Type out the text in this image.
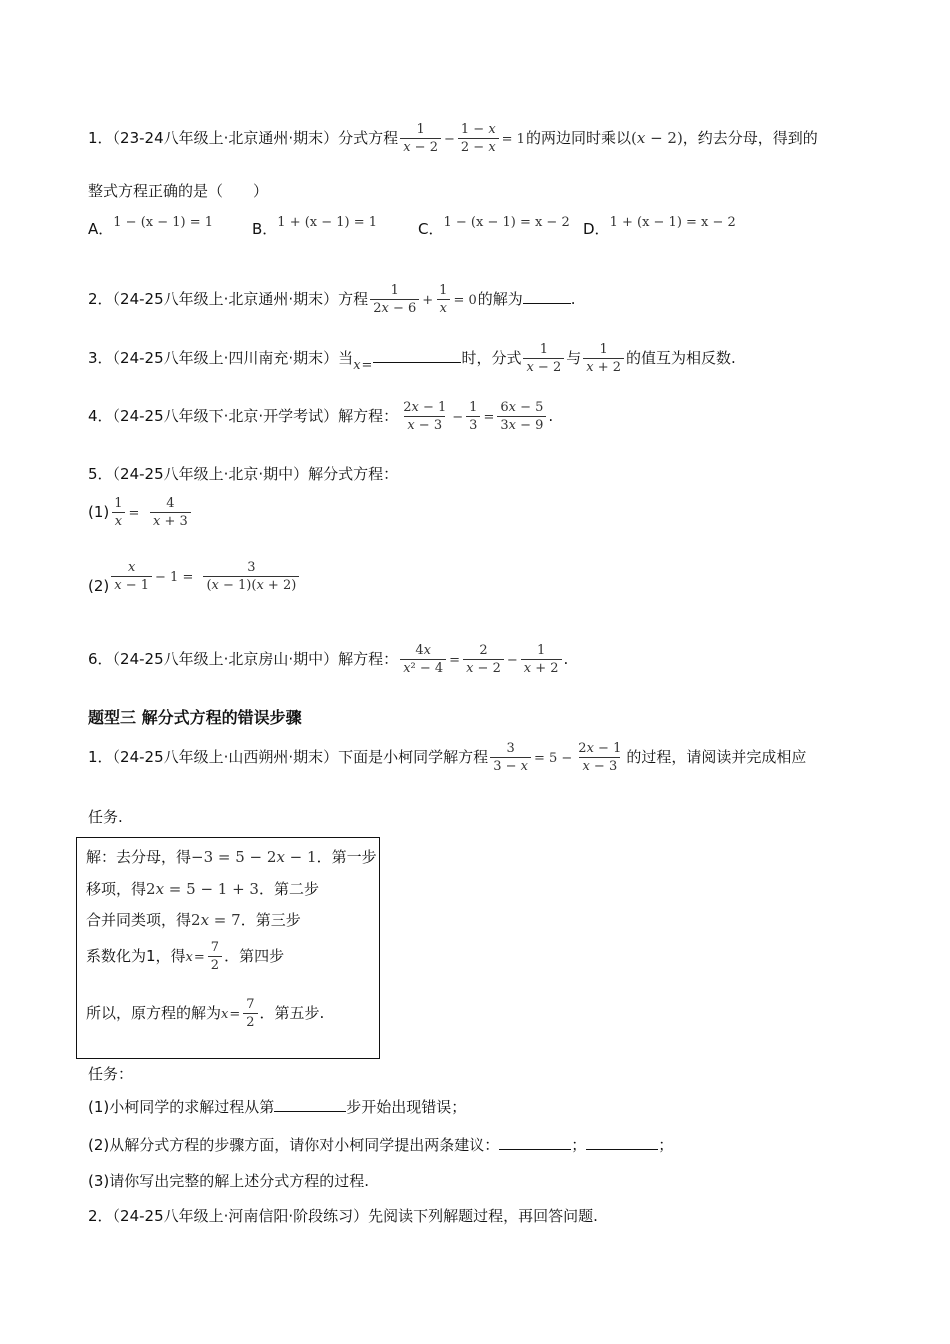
1．（23-24八年级上·北京通州·期末）分式方程 $\frac{1}{x - 2} - \frac{1 - x}{2 - x} = 1$的两边同时乘以(x − 2)，约去分母，得到的
整式方程正确的是（　　）
A．1 − (x − 1) = 1	B．1 + (x − 1) = 1	C．1 − (x − 1) = x − 2 D．1 + (x − 1) = x − 2
2．（24-25八年级上·北京通州·期末）方程 $\frac{1}{2x - 6} + \frac{1}{x} = 0$的解为	.
3．（24-25八年级上·四川南充·期末）当x=	时，分式 $\frac{1}{x - 2}$ 与 $\frac{1}{x + 2}$ 的值互为相反数.
4．（24-25八年级下·北京·开学考试）解方程： $\frac{2x - 1}{x - 3} - \frac{1}{3} = \frac{6x - 5}{3x - 9}$ .
5．（24-25八年级上·北京·期中）解分式方程：
$(1) \frac{1}{x} = \frac{4}{x + 3}$
$(2) \frac{x}{x - 1} - 1 = \frac{3}{(x - 1)(x + 2)}$
6．（24-25八年级上·北京房山·期中）解方程： $\frac{4x}{\text{x² − 4}} = \frac{2}{x - 2} - \frac{1}{x + 2}$ .
题型三 解分式方程的错误步骤
1．（24-25八年级上·山西朔州·期末）下面是小柯同学解方程 $\frac{3}{3 - x} = 5 - \frac{2x - 1}{x - 3}$ 的过程，请阅读并完成相应
任务.
解：去分母，得−3 = 5 − 2x − 1．第一步
移项，得2x = 5 − 1 + 3．第二步
合并同类项，得2x = 7．第三步
系数化为1，得$x= \frac{7}{2}$ ．第四步
所以，原方程的解为$x= \frac{7}{2}$ ．第五步.
任务：
(1)小柯同学的求解过程从第	步开始出现错误；
(2)从解分式方程的步骤方面，请你对小柯同学提出两条建议：	；	；
(3)请你写出完整的解上述分式方程的过程.
2．（24-25八年级上·河南信阳·阶段练习）先阅读下列解题过程，再回答问题.
